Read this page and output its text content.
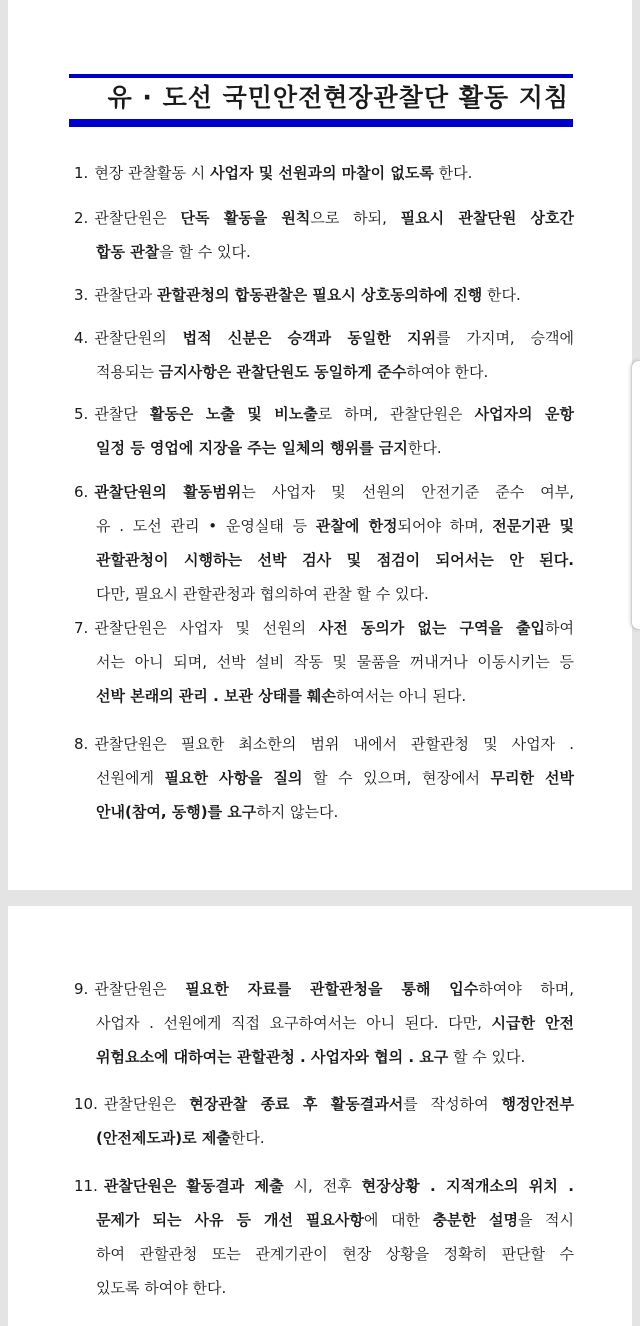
유 · 도선 국민안전현장관찰단 활동 지침
1. 현장 관찰활동 시 사업자 및 선원과의 마찰이 없도록 한다.
2. 관찰단원은 단독 활동을 원칙으로 하되, 필요시 관찰단원 상호간
합동 관찰을 할 수 있다.
3. 관찰단과 관할관청의 합동관찰은 필요시 상호동의하에 진행 한다.
4. 관찰단원의 법적 신분은 승객과 동일한 지위를 가지며, 승객에
적용되는 금지사항은 관찰단원도 동일하게 준수하여야 한다.
5. 관찰단 활동은 노출 및 비노출로 하며, 관찰단원은 사업자의 운항
일정 등 영업에 지장을 주는 일체의 행위를 금지한다.
6. 관찰단원의 활동범위는 사업자 및 선원의 안전기준 준수 여부,
유 . 도선 관리 • 운영실태 등 관찰에 한정되어야 하며, 전문기관 및
관할관청이 시행하는 선박 검사 및 점검이 되어서는 안 된다.
다만, 필요시 관할관청과 협의하여 관찰 할 수 있다.
7. 관찰단원은 사업자 및 선원의 사전 동의가 없는 구역을 출입하여
서는 아니 되며, 선박 설비 작동 및 물품을 꺼내거나 이동시키는 등
선박 본래의 관리 . 보관 상태를 훼손하여서는 아니 된다.
8. 관찰단원은 필요한 최소한의 범위 내에서 관할관청 및 사업자 .
선원에게 필요한 사항을 질의 할 수 있으며, 현장에서 무리한 선박
안내(참여, 동행)를 요구하지 않는다.
9. 관찰단원은 필요한 자료를 관할관청을 통해 입수하여야 하며,
사업자 . 선원에게 직접 요구하여서는 아니 된다. 다만, 시급한 안전
위험요소에 대하여는 관할관청 . 사업자와 협의 . 요구 할 수 있다.
10. 관찰단원은 현장관찰 종료 후 활동결과서를 작성하여 행정안전부
(안전제도과)로 제출한다.
11. 관찰단원은 활동결과 제출 시, 전후 현장상황 . 지적개소의 위치 .
문제가 되는 사유 등 개선 필요사항에 대한 충분한 설명을 적시
하여 관할관청 또는 관계기관이 현장 상황을 정확히 판단할 수
있도록 하여야 한다.
